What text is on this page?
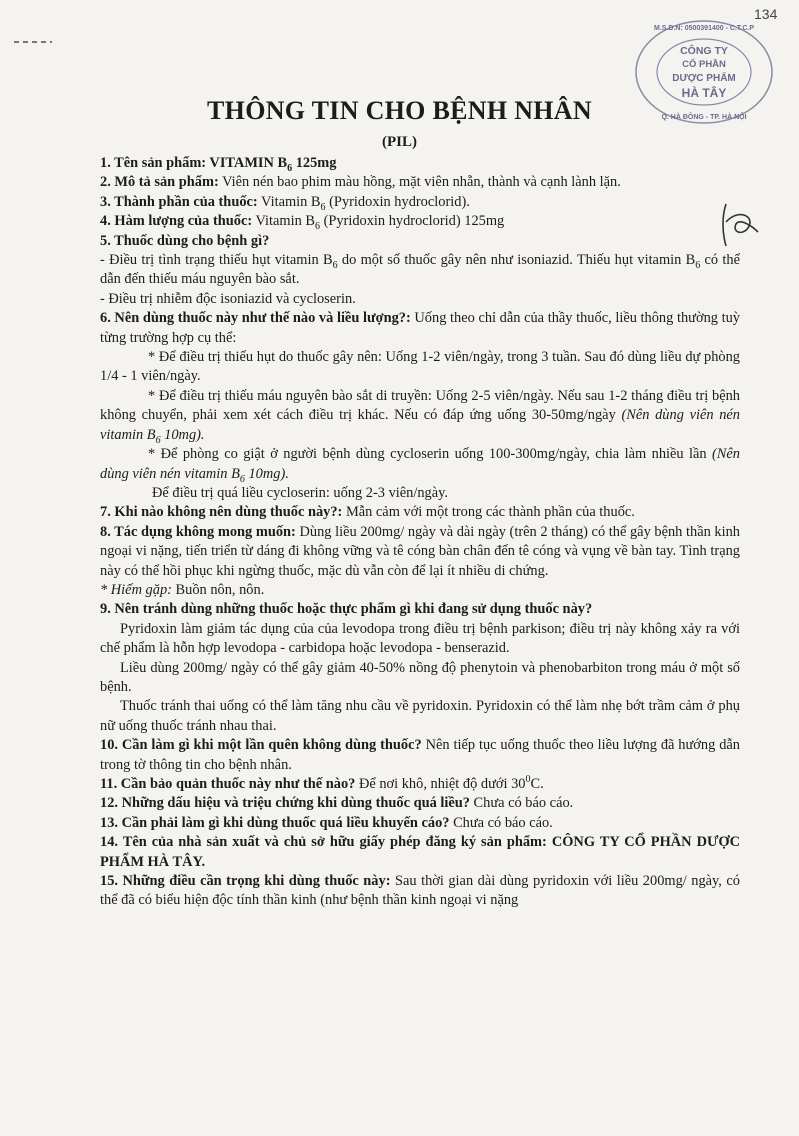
134
CÔNG TY
CỔ PHẦN
DƯỢC PHẨM
HÀ TÂY
M.S.D.N: 0500391400 - C.T.C.P
Q. HÀ ĐÔNG - TP. HÀ NỘI
THÔNG TIN CHO BỆNH NHÂN
(PIL)

1. Tên sản phẩm: VITAMIN $B_6$ 125mg

2. Mô tả sản phẩm: Viên nén bao phim màu hồng, mặt viên nhẵn, thành và cạnh lành lặn.

3. Thành phần của thuốc: Vitamin $B_6$ (Pyridoxin hydroclorid).

4. Hàm lượng của thuốc: Vitamin $B_6$ (Pyridoxin hydroclorid) 125mg

5. Thuốc dùng cho bệnh gì?

- Điều trị tình trạng thiếu hụt vitamin $B_6$ do một số thuốc gây nên như isoniazid. Thiếu hụt vitamin $B_6$ có thể dẫn đến thiếu máu nguyên bào sắt.

- Điều trị nhiễm độc isoniazid và cycloserin.

6. Nên dùng thuốc này như thế nào và liều lượng?: Uống theo chỉ dẫn của thầy thuốc, liều thông thường tuỳ từng trường hợp cụ thể:

* Để điều trị thiếu hụt do thuốc gây nên: Uống 1-2 viên/ngày, trong 3 tuần. Sau đó dùng liều dự phòng 1/4 - 1 viên/ngày.

* Để điều trị thiếu máu nguyên bào sắt di truyền: Uống 2-5 viên/ngày. Nếu sau 1-2 tháng điều trị bệnh không chuyển, phải xem xét cách điều trị khác. Nếu có đáp ứng uống 30-50mg/ngày (Nên dùng viên nén vitamin $B_6$ 10mg).

* Để phòng co giật ở người bệnh dùng cycloserin uống 100-300mg/ngày, chia làm nhiều lần (Nên dùng viên nén vitamin $B_6$ 10mg).

Để điều trị quá liều cycloserin: uống 2-3 viên/ngày.

7. Khi nào không nên dùng thuốc này?: Mẫn cảm với một trong các thành phần của thuốc.

8. Tác dụng không mong muốn: Dùng liều 200mg/ ngày và dài ngày (trên 2 tháng) có thể gây bệnh thần kinh ngoại vi nặng, tiến triển từ dáng đi không vững và tê cóng bàn chân đến tê cóng và vụng về bàn tay. Tình trạng này có thể hồi phục khi ngừng thuốc, mặc dù vẫn còn để lại ít nhiều di chứng.

* Hiếm gặp: Buồn nôn, nôn.

9. Nên tránh dùng những thuốc hoặc thực phẩm gì khi đang sử dụng thuốc này?

Pyridoxin làm giảm tác dụng của của levodopa trong điều trị bệnh parkison; điều trị này không xảy ra với chế phẩm là hỗn hợp levodopa - carbidopa hoặc levodopa - benserazid.

Liều dùng 200mg/ ngày có thể gây giảm 40-50% nồng độ phenytoin và phenobarbiton trong máu ở một số bệnh.

Thuốc tránh thai uống có thể làm tăng nhu cầu về pyridoxin. Pyridoxin có thể làm nhẹ bớt trầm cảm ở phụ nữ uống thuốc tránh nhau thai.

10. Cần làm gì khi một lần quên không dùng thuốc? Nên tiếp tục uống thuốc theo liều lượng đã hướng dẫn trong tờ thông tin cho bệnh nhân.

11. Cần bảo quản thuốc này như thế nào? Để nơi khô, nhiệt độ dưới $30^0C$.

12. Những dấu hiệu và triệu chứng khi dùng thuốc quá liều? Chưa có báo cáo.

13. Cần phải làm gì khi dùng thuốc quá liều khuyến cáo? Chưa có báo cáo.

14. Tên của nhà sản xuất và chủ sở hữu giấy phép đăng ký sản phẩm: CÔNG TY CỔ PHẦN DƯỢC PHẨM HÀ TÂY.

15. Những điều cần trọng khi dùng thuốc này: Sau thời gian dài dùng pyridoxin với liều 200mg/ ngày, có thể đã có biểu hiện độc tính thần kinh (như bệnh thần kinh ngoại vi nặng
